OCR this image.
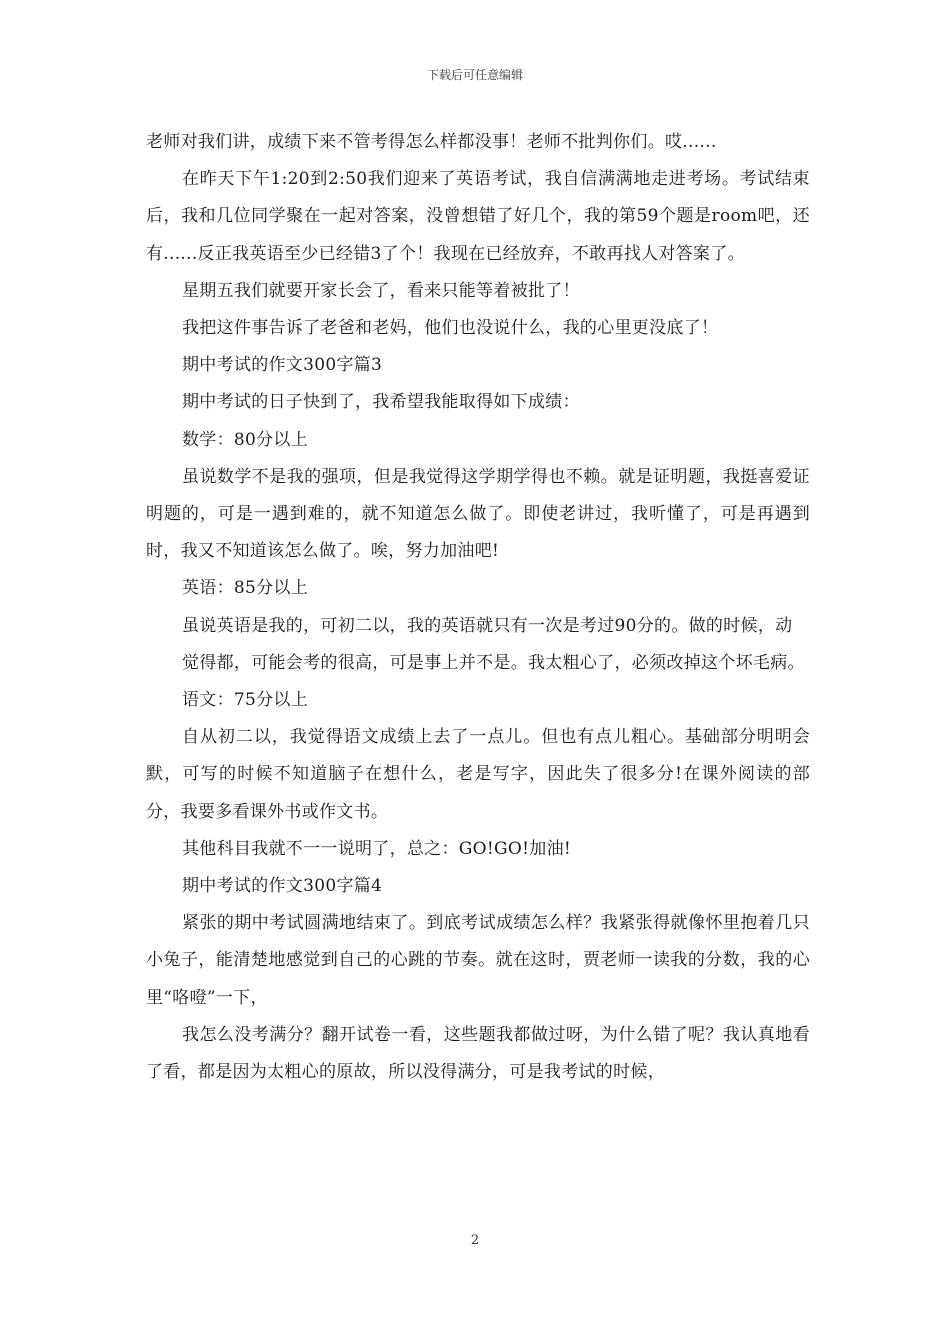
下载后可任意编辑

老师对我们讲，成绩下来不管考得怎么样都没事！老师不批判你们。哎......

在昨天下午1:20到2:50我们迎来了英语考试，我自信满满地走进考场。考试结束后，我和几位同学聚在一起对答案，没曾想错了好几个，我的第59个题是room吧，还有......反正我英语至少已经错3了个！我现在已经放弃，不敢再找人对答案了。

星期五我们就要开家长会了，看来只能等着被批了！

我把这件事告诉了老爸和老妈，他们也没说什么，我的心里更没底了！

期中考试的作文300字篇3

期中考试的日子快到了，我希望我能取得如下成绩：

数学：80分以上

虽说数学不是我的强项，但是我觉得这学期学得也不赖。就是证明题，我挺喜爱证明题的，可是一遇到难的，就不知道怎么做了。即使老讲过，我听懂了，可是再遇到时，我又不知道该怎么做了。唉，努力加油吧!

英语：85分以上

虽说英语是我的，可初二以，我的英语就只有一次是考过90分的。做的时候，动

觉得都，可能会考的很高，可是事上并不是。我太粗心了，必须改掉这个坏毛病。

语文：75分以上

自从初二以，我觉得语文成绩上去了一点儿。但也有点儿粗心。基础部分明明会默，可写的时候不知道脑子在想什么，老是写字，因此失了很多分!在课外阅读的部分，我要多看课外书或作文书。

其他科目我就不一一说明了，总之：GO!GO!加油!

期中考试的作文300字篇4

紧张的期中考试圆满地结束了。到底考试成绩怎么样？我紧张得就像怀里抱着几只小兔子，能清楚地感觉到自己的心跳的节奏。就在这时，贾老师一读我的分数，我的心里“咯噔”一下，

我怎么没考满分？翻开试卷一看，这些题我都做过呀，为什么错了呢？我认真地看了看，都是因为太粗心的原故，所以没得满分，可是我考试的时候，

2
